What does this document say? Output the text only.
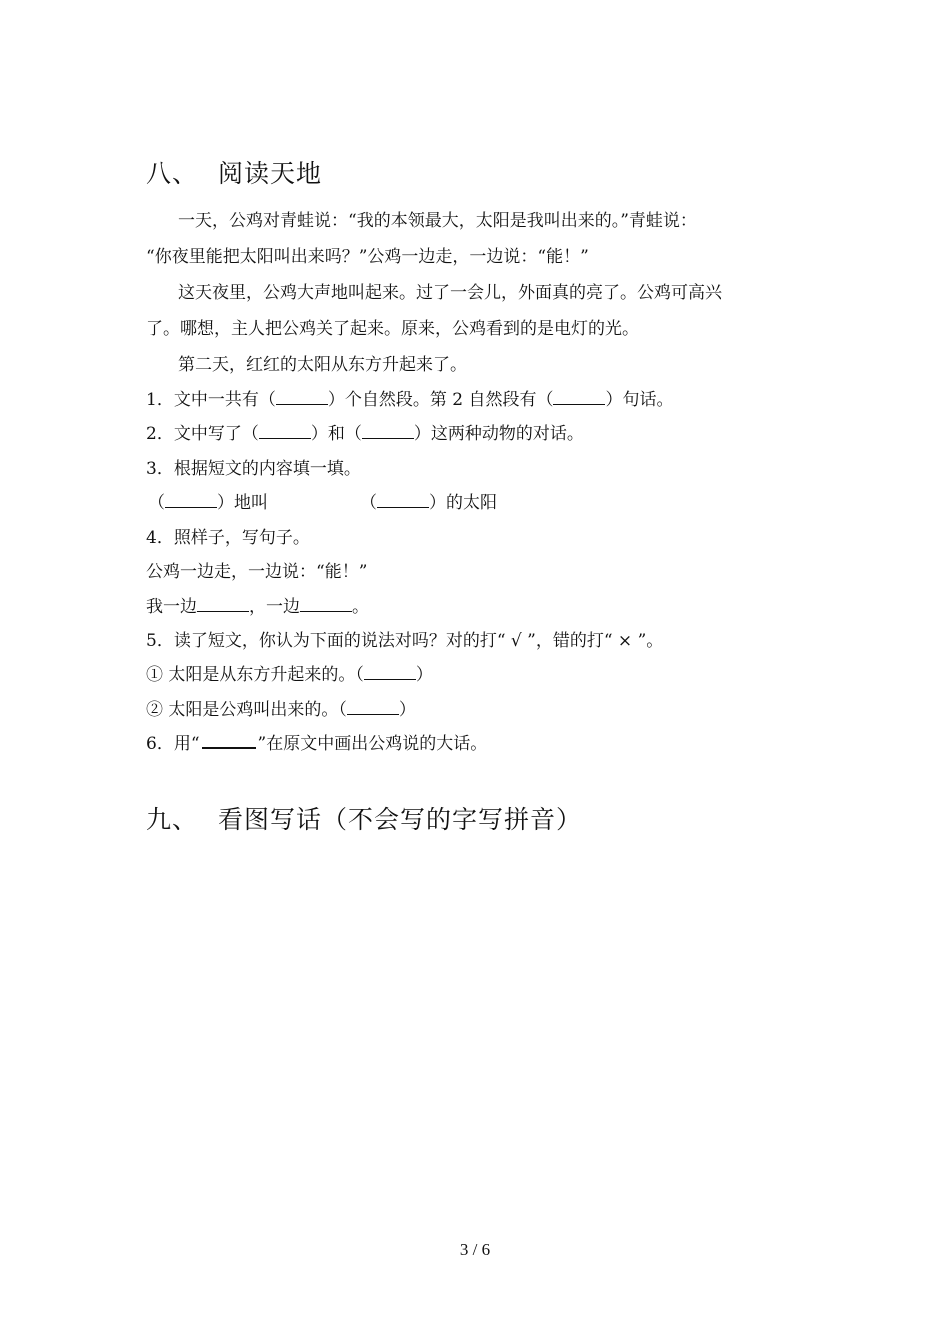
八、 阅读天地
一天，公鸡对青蛙说：“我的本领最大，太阳是我叫出来的。”青蛙说：
“你夜里能把太阳叫出来吗？”公鸡一边走，一边说：“能！”
这天夜里，公鸡大声地叫起来。过了一会儿，外面真的亮了。公鸡可高兴
了。哪想，主人把公鸡关了起来。原来，公鸡看到的是电灯的光。
第二天，红红的太阳从东方升起来了。
1．文中一共有（	）个自然段。第 2 自然段有（	）句话。
2．文中写了（	）和（	）这两种动物的对话。
3．根据短文的内容填一填。
（	）地叫	（	）的太阳
4．照样子，写句子。
公鸡一边走，一边说：“能！”
我一边	，一边	。
5．读了短文，你认为下面的说法对吗？对的打“ √ ”，错的打“ × ”。
① 太阳是从东方升起来的。（	）
② 太阳是公鸡叫出来的。（	）
6．用“	”在原文中画出公鸡说的大话。
九、 看图写话（不会写的字写拼音）
3 / 6
